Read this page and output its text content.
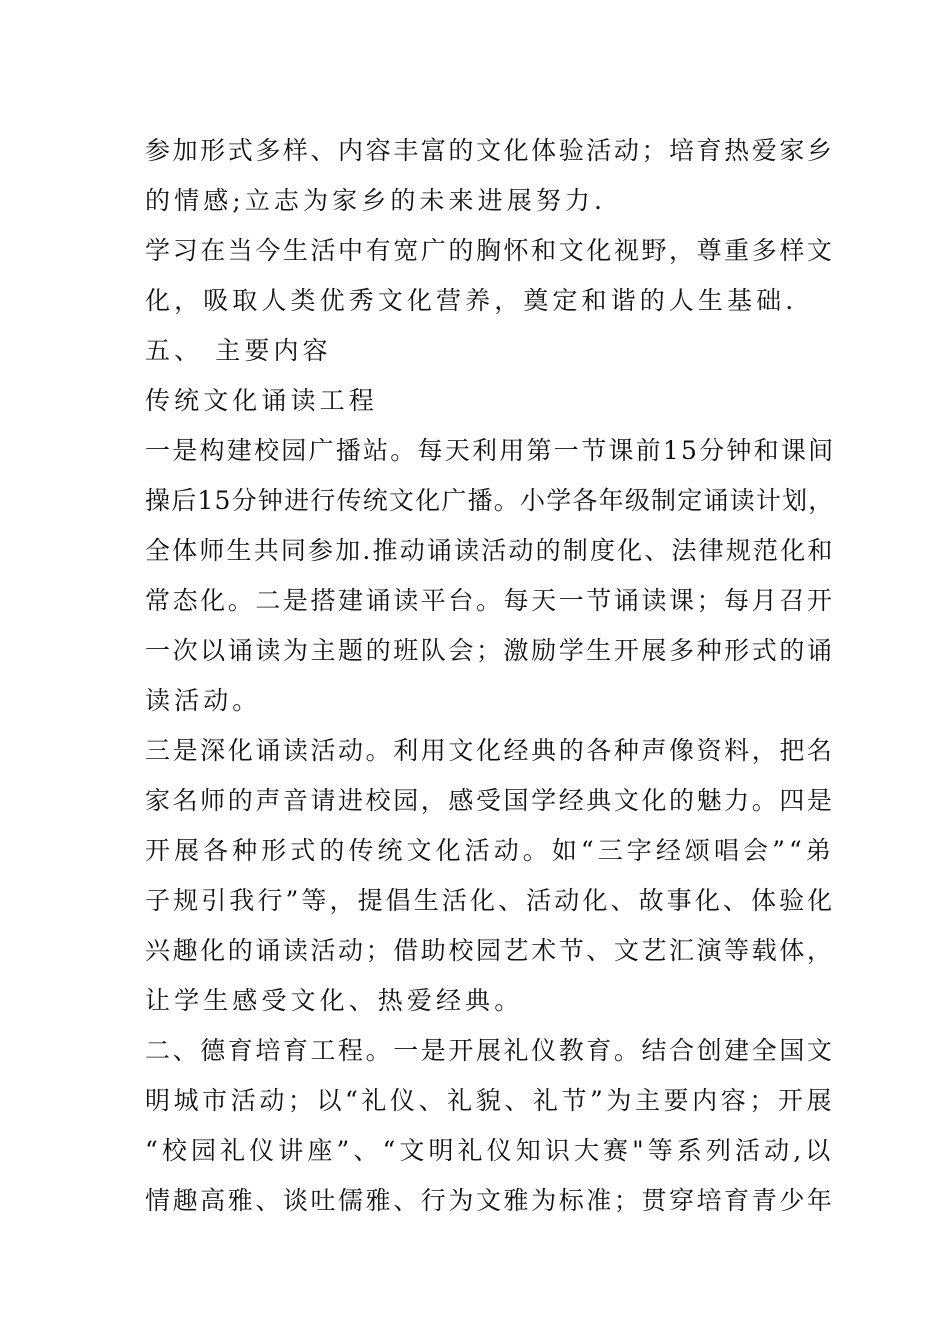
参加形式多样、内容丰富的文化体验活动；培育热爱家乡
的情感;立志为家乡的未来进展努力.
学习在当今生活中有宽广的胸怀和文化视野，尊重多样文
化，吸取人类优秀文化营养，奠定和谐的人生基础.
五、 主要内容
传统文化诵读工程
一是构建校园广播站。每天利用第一节课前15分钟和课间
操后15分钟进行传统文化广播。小学各年级制定诵读计划，
全体师生共同参加.推动诵读活动的制度化、法律规范化和
常态化。二是搭建诵读平台。每天一节诵读课；每月召开
一次以诵读为主题的班队会；激励学生开展多种形式的诵
读活动。
三是深化诵读活动。利用文化经典的各种声像资料，把名
家名师的声音请进校园，感受国学经典文化的魅力。四是
开展各种形式的传统文化活动。如“三字经颂唱会”“弟
子规引我行”等，提倡生活化、活动化、故事化、体验化
兴趣化的诵读活动；借助校园艺术节、文艺汇演等载体，
让学生感受文化、热爱经典。
二、德育培育工程。一是开展礼仪教育。结合创建全国文
明城市活动；以“礼仪、礼貌、礼节”为主要内容；开展
“校园礼仪讲座”、“文明礼仪知识大赛"等系列活动,以
情趣高雅、谈吐儒雅、行为文雅为标准；贯穿培育青少年
